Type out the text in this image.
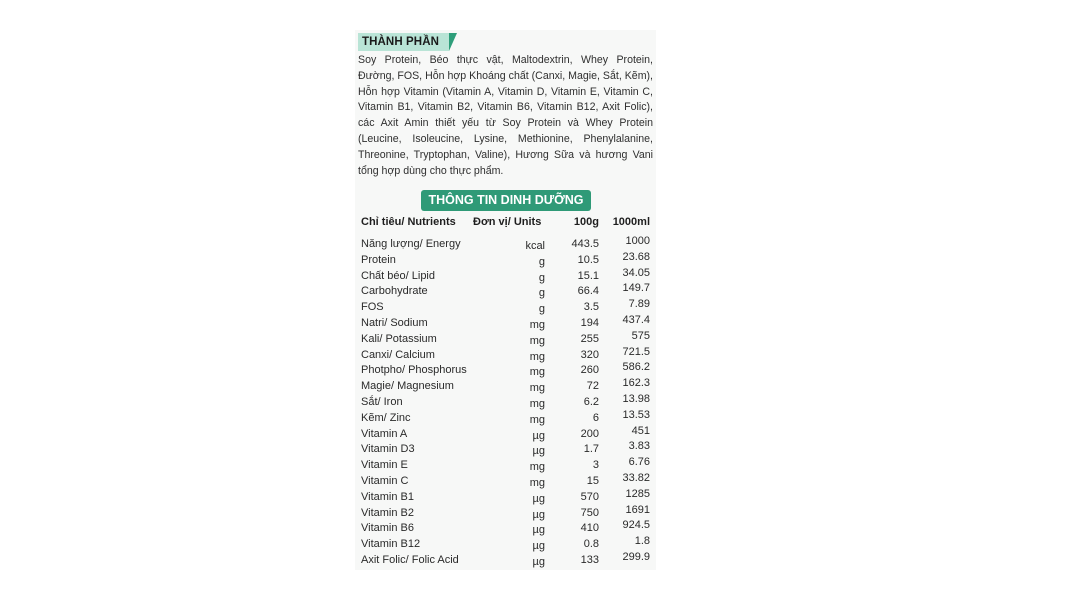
THÀNH PHẦN
Soy Protein, Béo thực vật, Maltodextrin, Whey Protein, Đường, FOS, Hỗn hợp Khoáng chất (Canxi, Magie, Sắt, Kẽm), Hỗn hợp Vitamin (Vitamin A, Vitamin D, Vitamin E, Vitamin C, Vitamin B1, Vitamin B2, Vitamin B6, Vitamin B12, Axit Folic), các Axit Amin thiết yếu từ Soy Protein và Whey Protein (Leucine, Isoleucine, Lysine, Methionine, Phenylalanine, Threonine, Tryptophan, Valine), Hương Sữa và hương Vani tổng hợp dùng cho thực phẩm.
THÔNG TIN DINH DƯỠNG
Chỉ tiêu/ Nutrients Đơn vị/ Units	100g 1000ml
Năng lượng/ Energy	kcal 443.5 1000
Protein	g	10.5 23.68
Chất béo/ Lipid	g	15.1 34.05
Carbohydrate	g	66.4 149.7
FOS	g	3.5	7.89
Natri/ Sodium	mg	194 437.4
Kali/ Potassium	mg	255	575
Canxi/ Calcium	mg	320 721.5
Photpho/ Phosphorus	mg	260 586.2
Magie/ Magnesium	mg	72 162.3
Sắt/ Iron	mg	6.2 13.98
Kẽm/ Zinc	mg	6 13.53
Vitamin A	µg	200	451
Vitamin D3	µg	1.7	3.83
Vitamin E	mg	3	6.76
Vitamin C	mg	15 33.82
Vitamin B1	µg	570 1285
Vitamin B2	µg	750 1691
Vitamin B6	µg	410 924.5
Vitamin B12	µg	0.8	1.8
Axit Folic/ Folic Acid	µg	133 299.9
